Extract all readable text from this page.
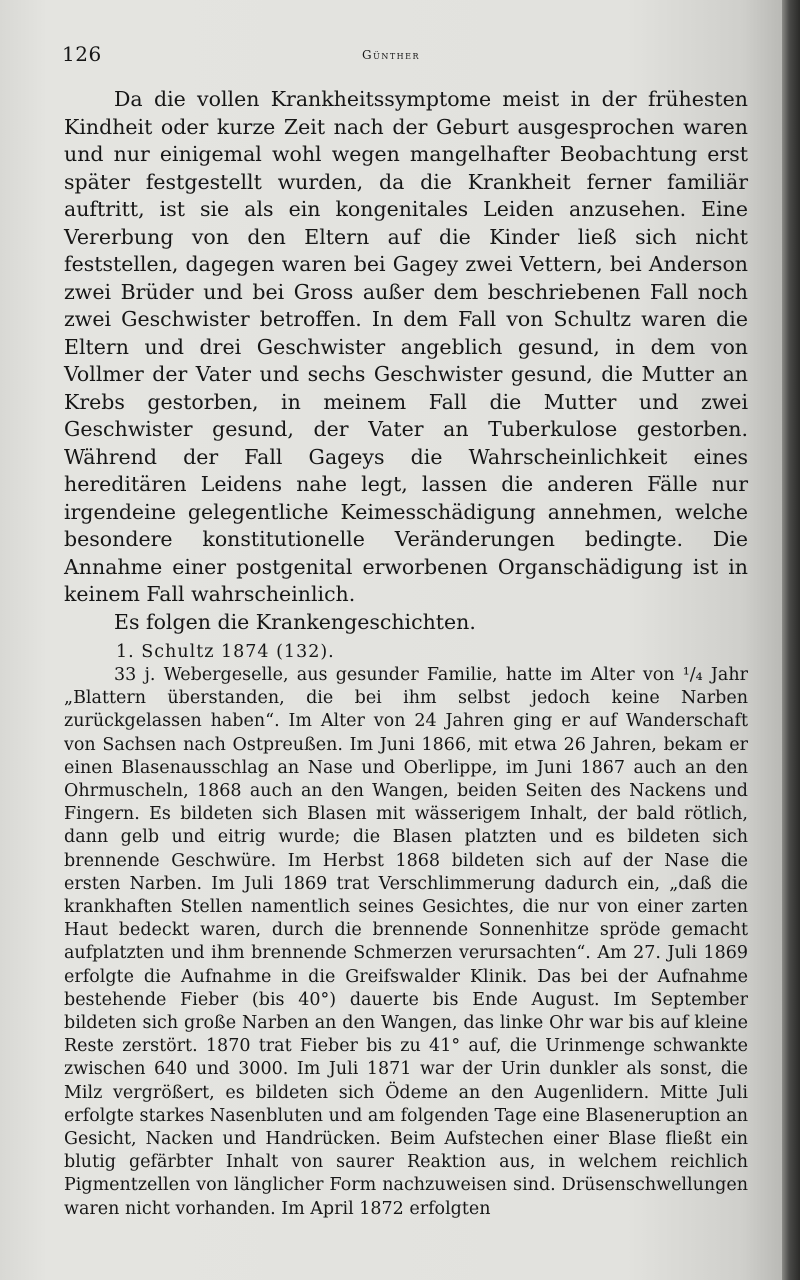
126	Günther

Da die vollen Krankheitssymptome meist in der frühesten Kindheit oder kurze Zeit nach der Geburt ausgesprochen waren und nur einigemal wohl wegen mangelhafter Beobachtung erst später festgestellt wurden, da die Krankheit ferner familiär auftritt, ist sie als ein kongenitales Leiden anzusehen. Eine Vererbung von den Eltern auf die Kinder ließ sich nicht feststellen, dagegen waren bei Gagey zwei Vettern, bei Anderson zwei Brüder und bei Gross außer dem beschriebenen Fall noch zwei Geschwister betroffen. In dem Fall von Schultz waren die Eltern und drei Geschwister angeblich gesund, in dem von Vollmer der Vater und sechs Geschwister gesund, die Mutter an Krebs gestorben, in meinem Fall die Mutter und zwei Geschwister gesund, der Vater an Tuberkulose gestorben. Während der Fall Gageys die Wahrscheinlichkeit eines hereditären Leidens nahe legt, lassen die anderen Fälle nur irgendeine gelegentliche Keimesschädigung annehmen, welche besondere konstitutionelle Veränderungen bedingte. Die Annahme einer postgenital erworbenen Organschädigung ist in keinem Fall wahrscheinlich.

Es folgen die Krankengeschichten.

1. Schultz 1874 (132).

33 j. Webergeselle, aus gesunder Familie, hatte im Alter von ¹/₄ Jahr „Blattern überstanden, die bei ihm selbst jedoch keine Narben zurückgelassen haben“. Im Alter von 24 Jahren ging er auf Wanderschaft von Sachsen nach Ostpreußen. Im Juni 1866, mit etwa 26 Jahren, bekam er einen Blasenausschlag an Nase und Oberlippe, im Juni 1867 auch an den Ohrmuscheln, 1868 auch an den Wangen, beiden Seiten des Nackens und Fingern. Es bildeten sich Blasen mit wässerigem Inhalt, der bald rötlich, dann gelb und eitrig wurde; die Blasen platzten und es bildeten sich brennende Geschwüre. Im Herbst 1868 bildeten sich auf der Nase die ersten Narben. Im Juli 1869 trat Verschlimmerung dadurch ein, „daß die krankhaften Stellen namentlich seines Gesichtes, die nur von einer zarten Haut bedeckt waren, durch die brennende Sonnenhitze spröde gemacht aufplatzten und ihm brennende Schmerzen verursachten“. Am 27. Juli 1869 erfolgte die Aufnahme in die Greifswalder Klinik. Das bei der Aufnahme bestehende Fieber (bis 40°) dauerte bis Ende August. Im September bildeten sich große Narben an den Wangen, das linke Ohr war bis auf kleine Reste zerstört. 1870 trat Fieber bis zu 41° auf, die Urinmenge schwankte zwischen 640 und 3000. Im Juli 1871 war der Urin dunkler als sonst, die Milz vergrößert, es bildeten sich Ödeme an den Augenlidern. Mitte Juli erfolgte starkes Nasenbluten und am folgenden Tage eine Blaseneruption an Gesicht, Nacken und Handrücken. Beim Aufstechen einer Blase fließt ein blutig gefärbter Inhalt von saurer Reaktion aus, in welchem reichlich Pigmentzellen von länglicher Form nachzuweisen sind. Drüsenschwellungen waren nicht vorhanden. Im April 1872 erfolgten
